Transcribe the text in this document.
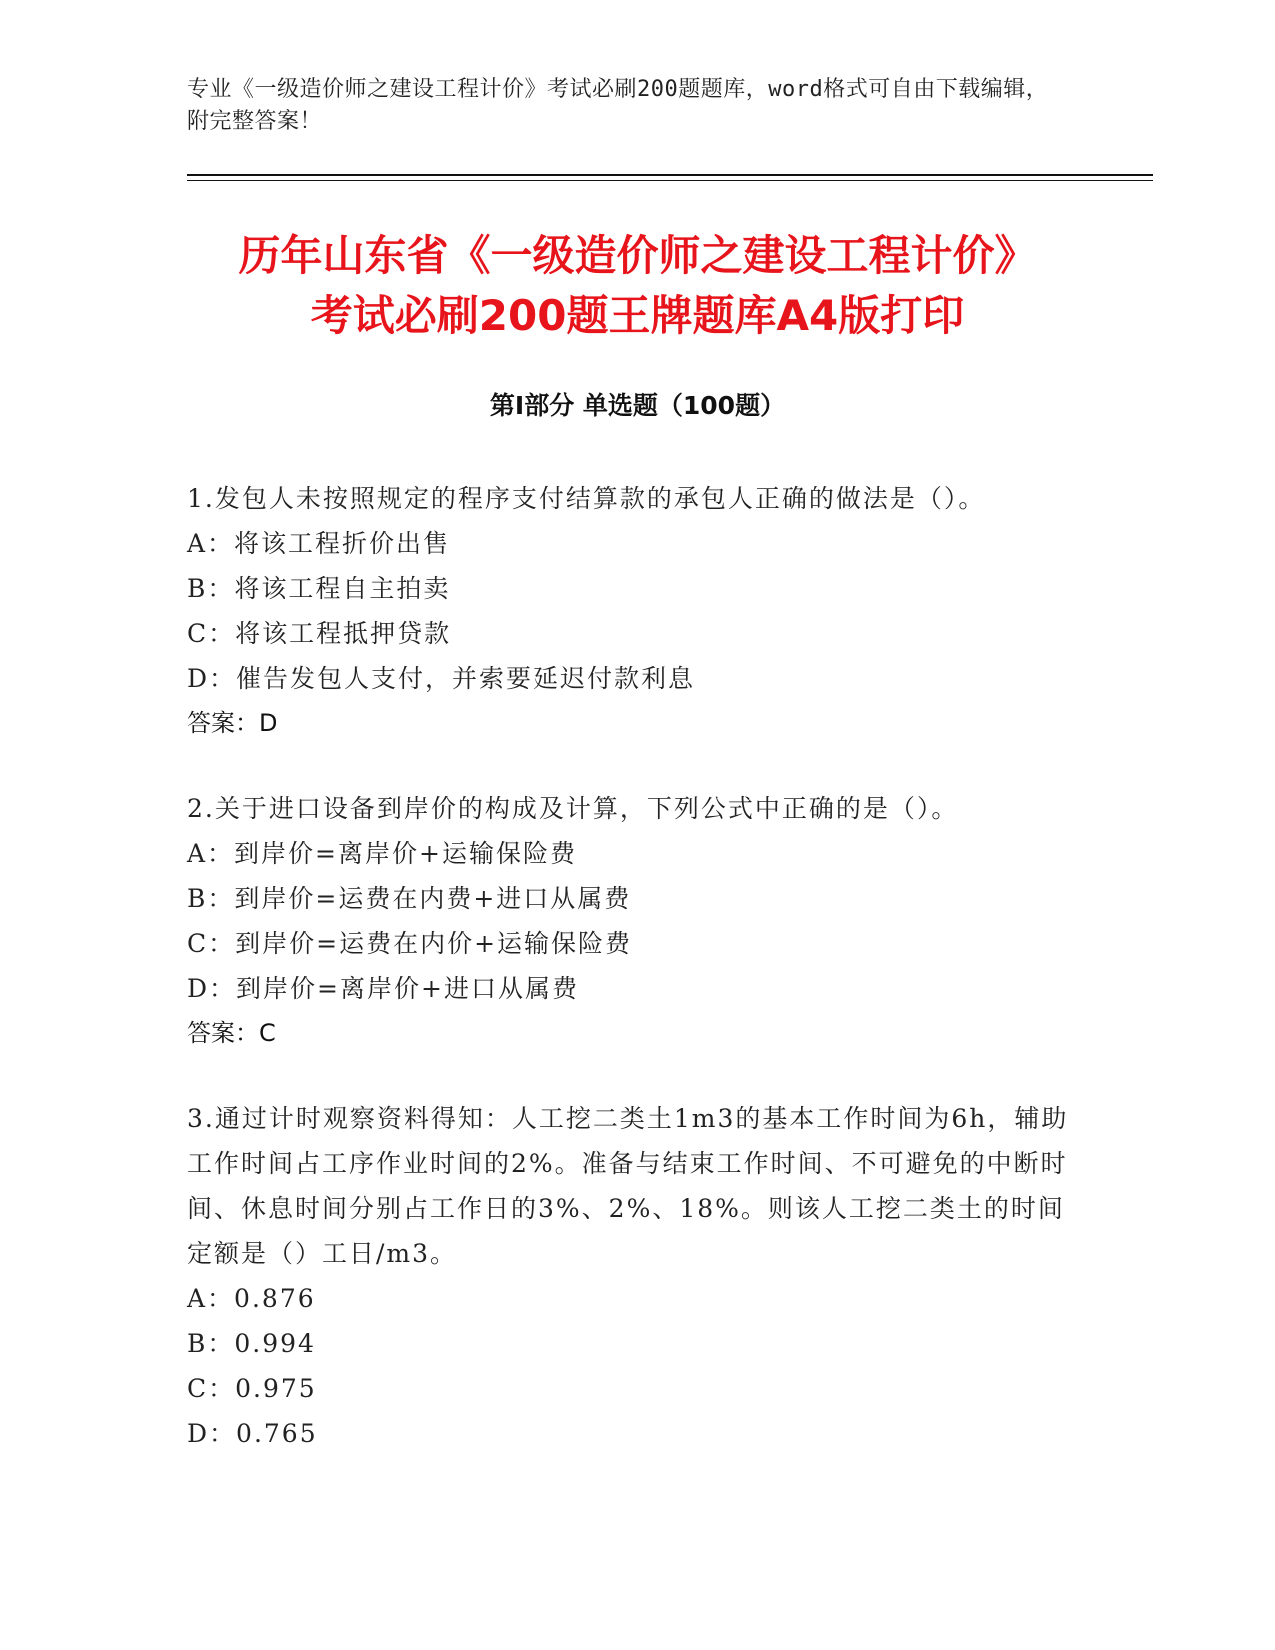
专业《一级造价师之建设工程计价》考试必刷200题题库，word格式可自由下载编辑，附完整答案！
历年山东省《一级造价师之建设工程计价》
考试必刷200题王牌题库A4版打印
第Ⅰ部分 单选题（100题）

1.发包人未按照规定的程序支付结算款的承包人正确的做法是（）。

A：将该工程折价出售

B：将该工程自主拍卖

C：将该工程抵押贷款

D：催告发包人支付，并索要延迟付款利息

答案：D

2.关于进口设备到岸价的构成及计算，下列公式中正确的是（）。

A：到岸价=离岸价+运输保险费

B：到岸价=运费在内费+进口从属费

C：到岸价=运费在内价+运输保险费

D：到岸价=离岸价+进口从属费

答案：C

3.通过计时观察资料得知：人工挖二类土1m3的基本工作时间为6h，辅助工作时间占工序作业时间的2%。准备与结束工作时间、不可避免的中断时间、休息时间分别占工作日的3%、2%、18%。则该人工挖二类土的时间定额是（）工日/m3。

A：0.876

B：0.994

C：0.975

D：0.765
